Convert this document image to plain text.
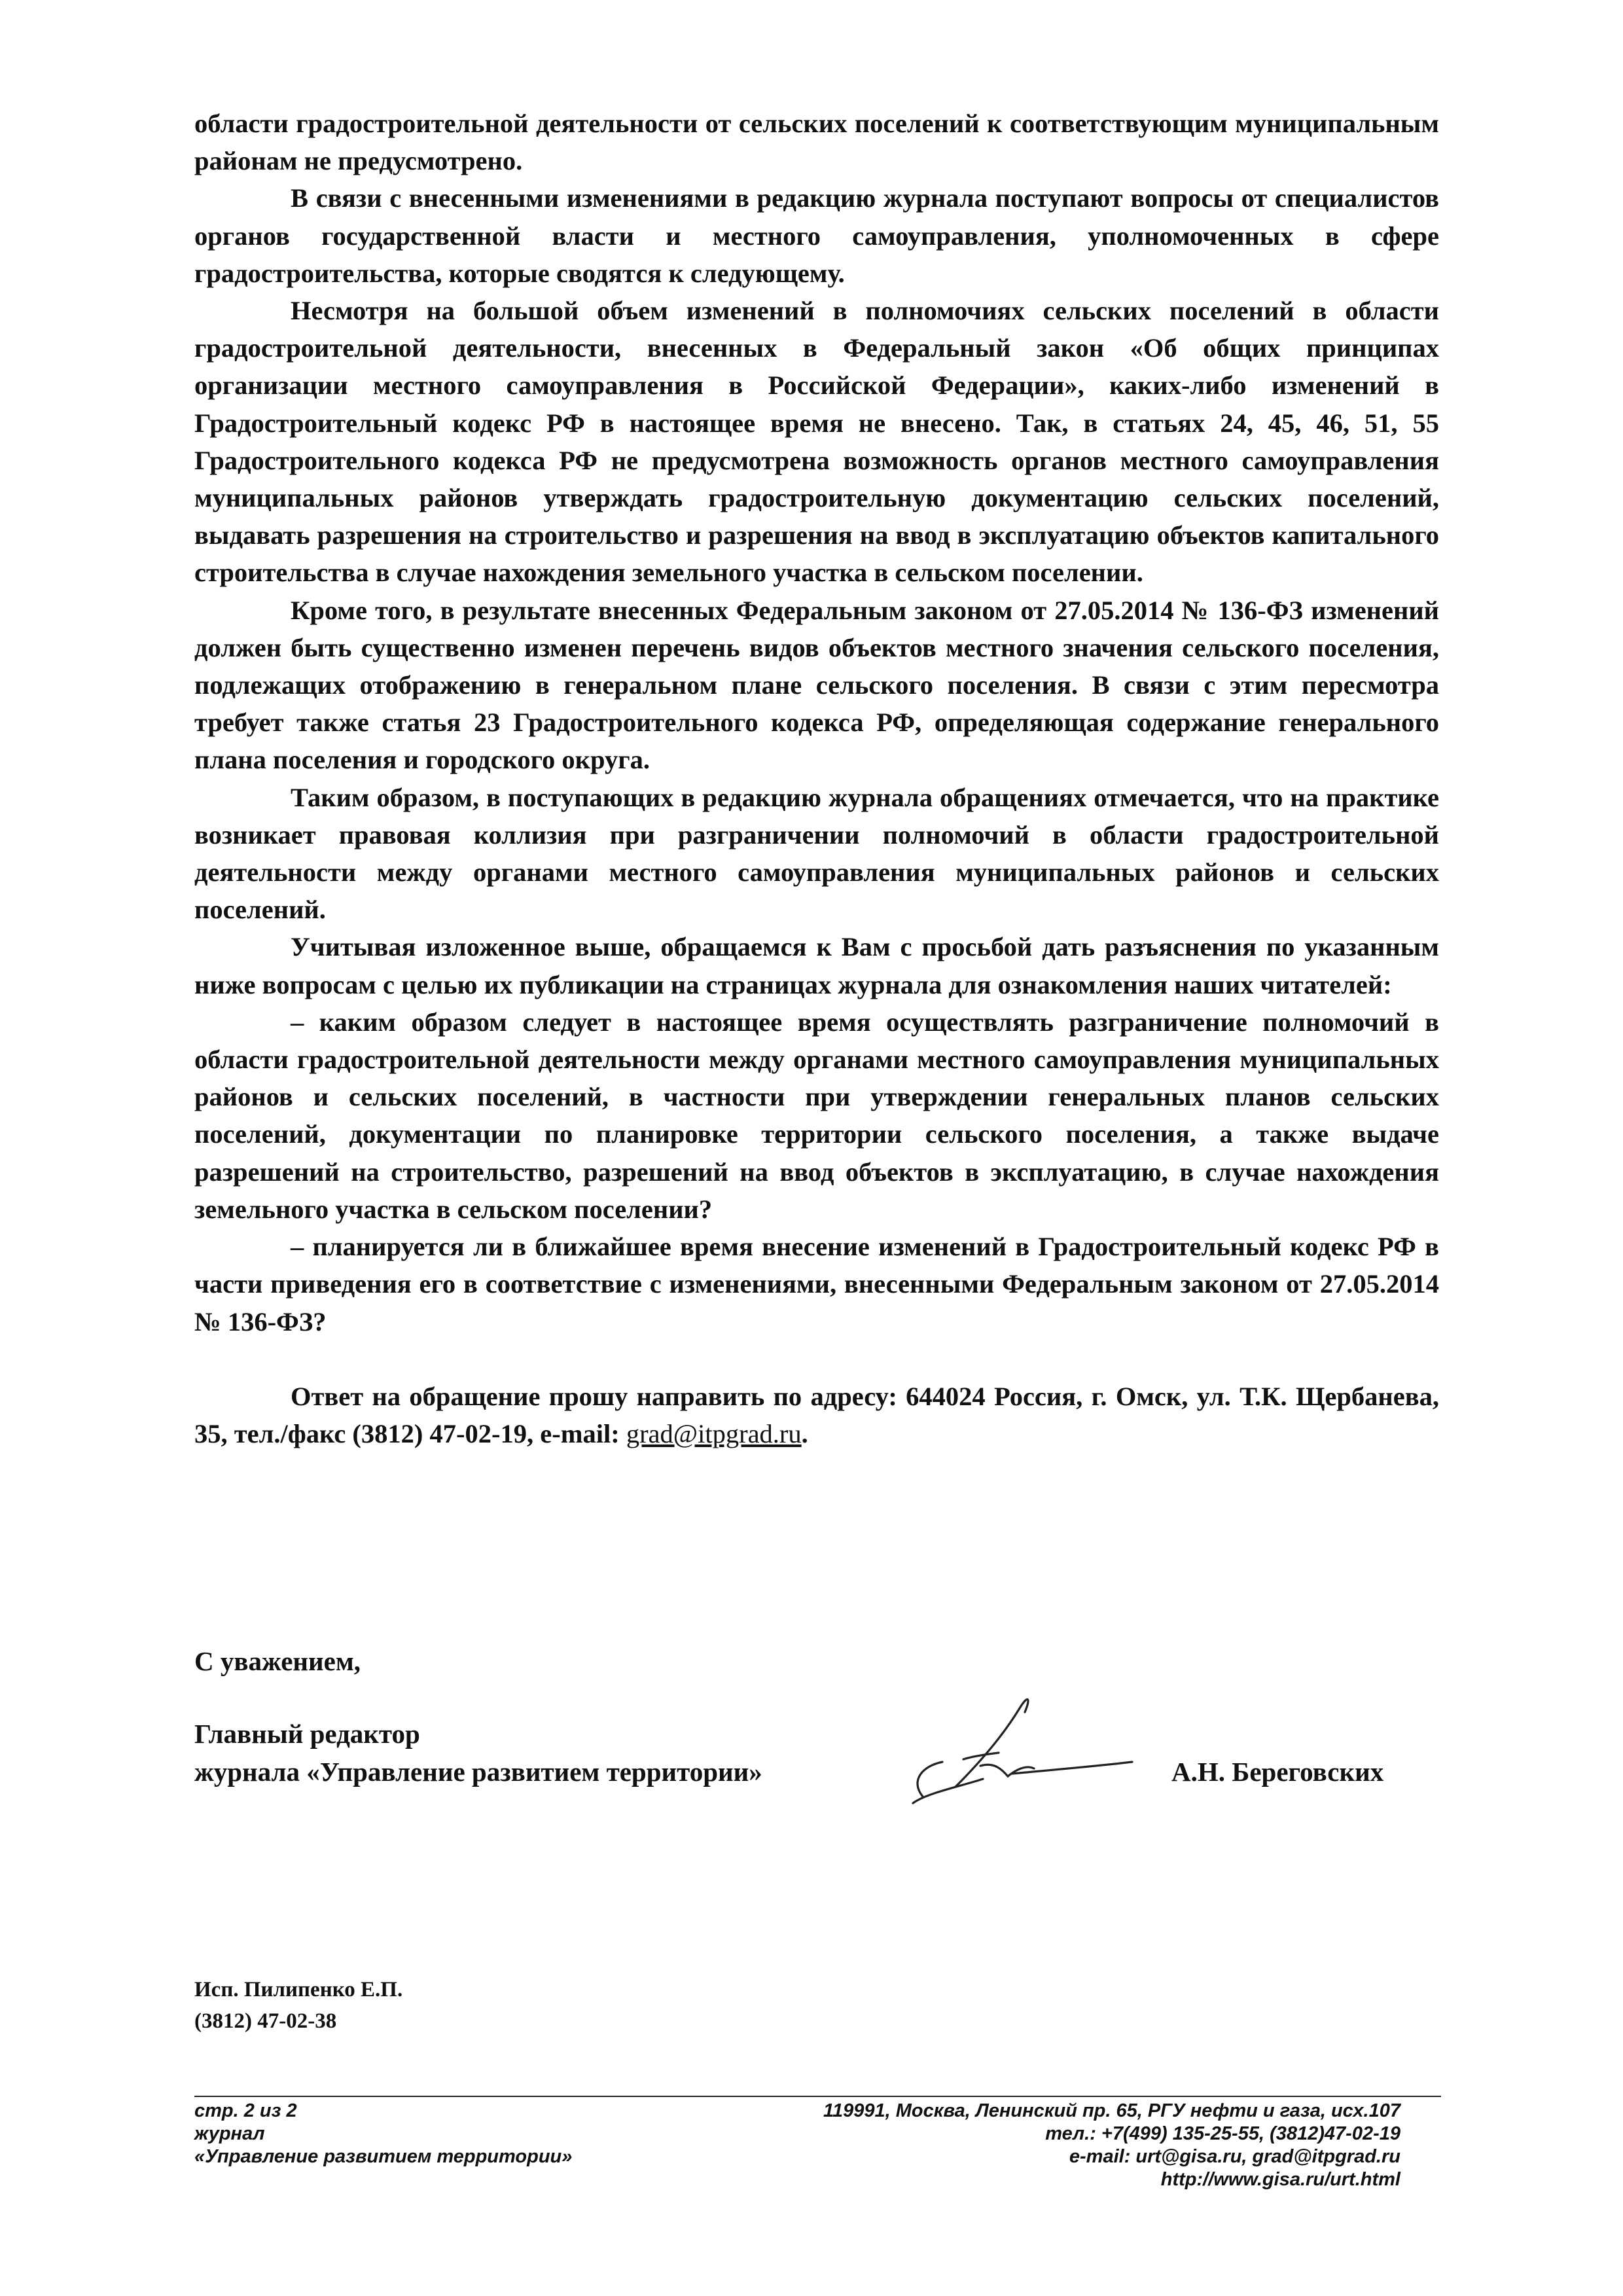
области градостроительной деятельности от сельских поселений к соответствующим муниципальным районам не предусмотрено.

В связи с внесенными изменениями в редакцию журнала поступают вопросы от специалистов органов государственной власти и местного самоуправления, уполномоченных в сфере градостроительства, которые сводятся к следующему.

Несмотря на большой объем изменений в полномочиях сельских поселений в области градостроительной деятельности, внесенных в Федеральный закон «Об общих принципах организации местного самоуправления в Российской Федерации», каких-либо изменений в Градостроительный кодекс РФ в настоящее время не внесено. Так, в статьях 24, 45, 46, 51, 55 Градостроительного кодекса РФ не предусмотрена возможность органов местного самоуправления муниципальных районов утверждать градостроительную документацию сельских поселений, выдавать разрешения на строительство и разрешения на ввод в эксплуатацию объектов капитального строительства в случае нахождения земельного участка в сельском поселении.

Кроме того, в результате внесенных Федеральным законом от 27.05.2014 № 136-ФЗ изменений должен быть существенно изменен перечень видов объектов местного значения сельского поселения, подлежащих отображению в генеральном плане сельского поселения. В связи с этим пересмотра требует также статья 23 Градостроительного кодекса РФ, определяющая содержание генерального плана поселения и городского округа.

Таким образом, в поступающих в редакцию журнала обращениях отмечается, что на практике возникает правовая коллизия при разграничении полномочий в области градостроительной деятельности между органами местного самоуправления муниципальных районов и сельских поселений.

Учитывая изложенное выше, обращаемся к Вам с просьбой дать разъяснения по указанным ниже вопросам с целью их публикации на страницах журнала для ознакомления наших читателей:

– каким образом следует в настоящее время осуществлять разграничение полномочий в области градостроительной деятельности между органами местного самоуправления муниципальных районов и сельских поселений, в частности при утверждении генеральных планов сельских поселений, документации по планировке территории сельского поселения, а также выдаче разрешений на строительство, разрешений на ввод объектов в эксплуатацию, в случае нахождения земельного участка в сельском поселении?

– планируется ли в ближайшее время внесение изменений в Градостроительный кодекс РФ в части приведения его в соответствие с изменениями, внесенными Федеральным законом от 27.05.2014 № 136-ФЗ?

Ответ на обращение прошу направить по адресу: 644024 Россия, г. Омск, ул. Т.К. Щербанева, 35, тел./факс (3812) 47-02-19, e-mail: grad@itpgrad.ru.

С уважением,
Главный редактор
журнала «Управление развитием территории»	А.Н. Береговских
Исп. Пилипенко Е.П.
(3812) 47-02-38
стр. 2 из 2
журнал
«Управление развитием территории»
119991, Москва, Ленинский пр. 65, РГУ нефти и газа, исх.107
тел.: +7(499) 135-25-55, (3812)47-02-19
e-mail: urt@gisa.ru, grad@itpgrad.ru
http://www.gisa.ru/urt.html
